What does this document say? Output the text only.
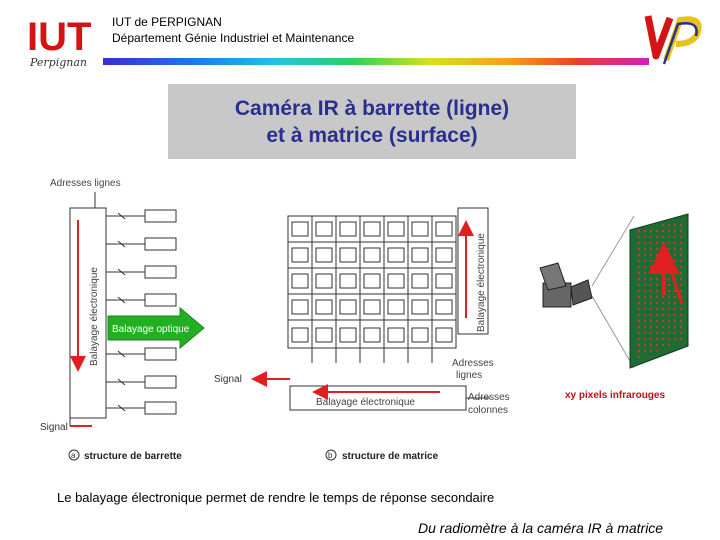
IUT
Perpignan
IUT de PERPIGNAN
Département Génie Industriel et Maintenance
Caméra IR à barrette (ligne)
et à matrice (surface)
Adresses lignes
Balayage électronique Balayage optique
Signal
a structure de barrette
Balayage électronique
Adresses
lignes
Balayage électronique
Signal
Adresses
colonnes
b structure de matrice
xy pixels infrarouges
Le balayage électronique permet de rendre le temps de réponse secondaire
Du radiomètre à la caméra IR à matrice
